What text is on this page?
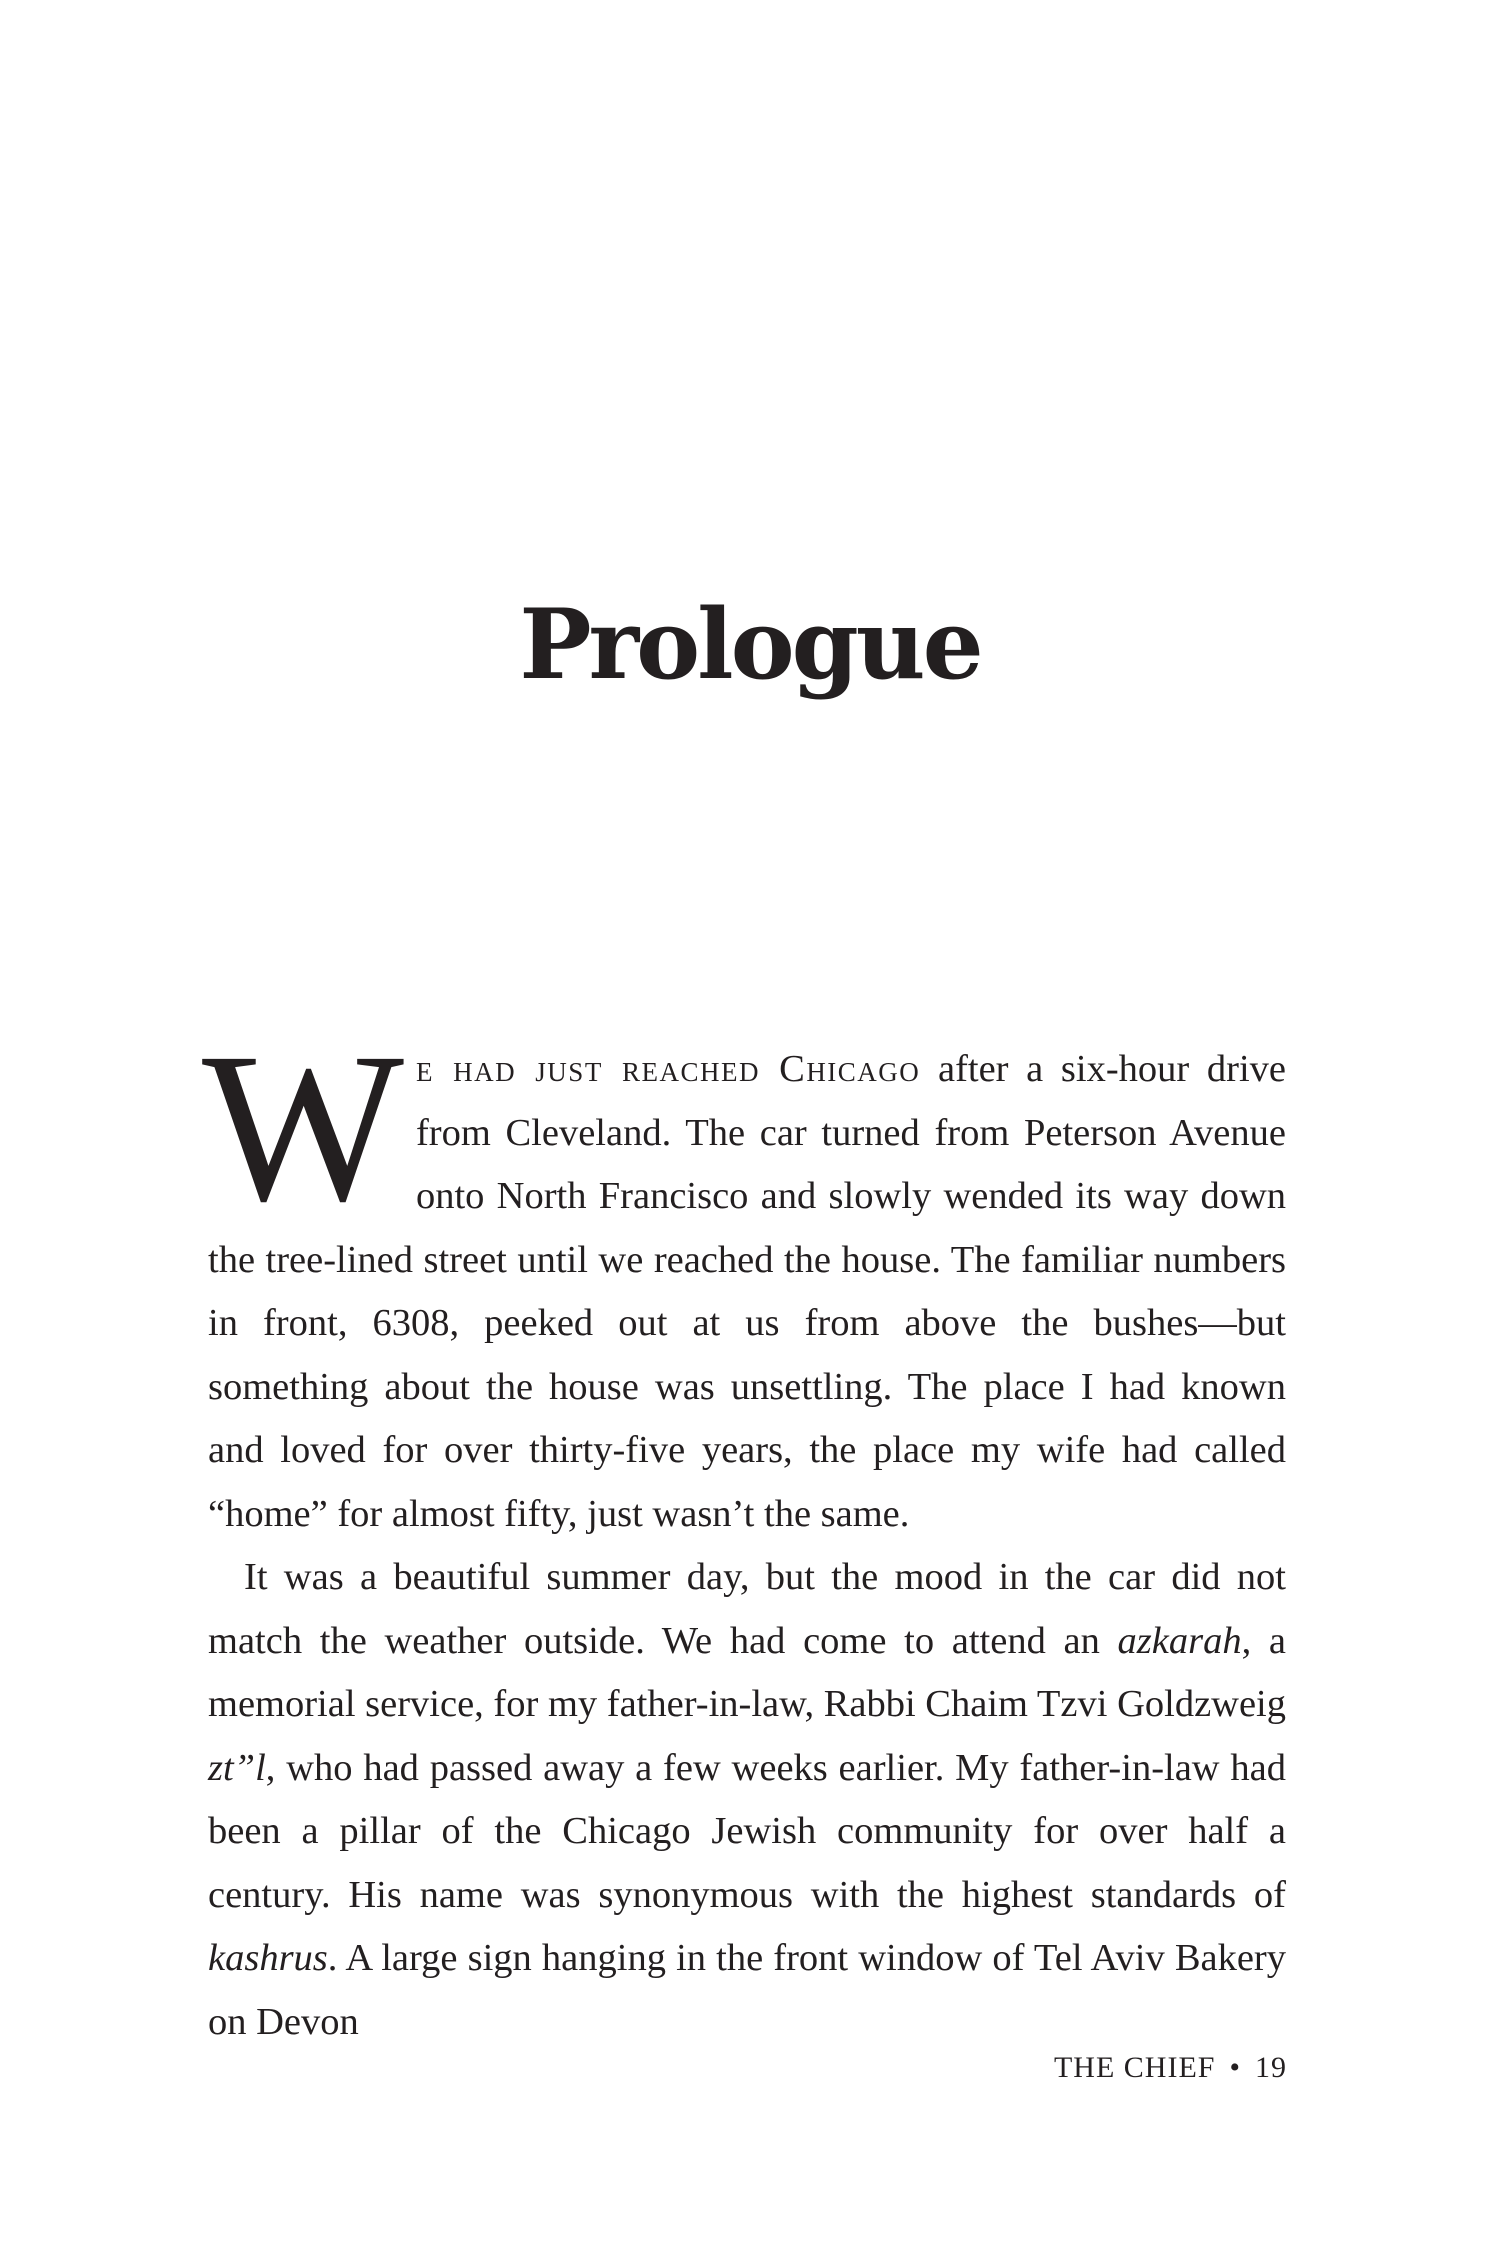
Prologue

We had just reached Chicago after a six-hour drive from Cleveland. The car turned from Peterson Avenue onto North Francisco and slowly wended its way down the tree-lined street until we reached the house. The familiar numbers in front, 6308, peeked out at us from above the bushes—but something about the house was unsettling. The place I had known and loved for over thirty-five years, the place my wife had called “home” for almost fifty, just wasn’t the same.

It was a beautiful summer day, but the mood in the car did not match the weather outside. We had come to attend an azkarah, a memorial service, for my father-in-law, Rabbi Chaim Tzvi Goldzweig zt”l, who had passed away a few weeks earlier. My father-in-law had been a pillar of the Chicago Jewish community for over half a century. His name was synonymous with the highest standards of kashrus. A large sign hanging in the front window of Tel Aviv Bakery on Devon

THE CHIEF • 19
